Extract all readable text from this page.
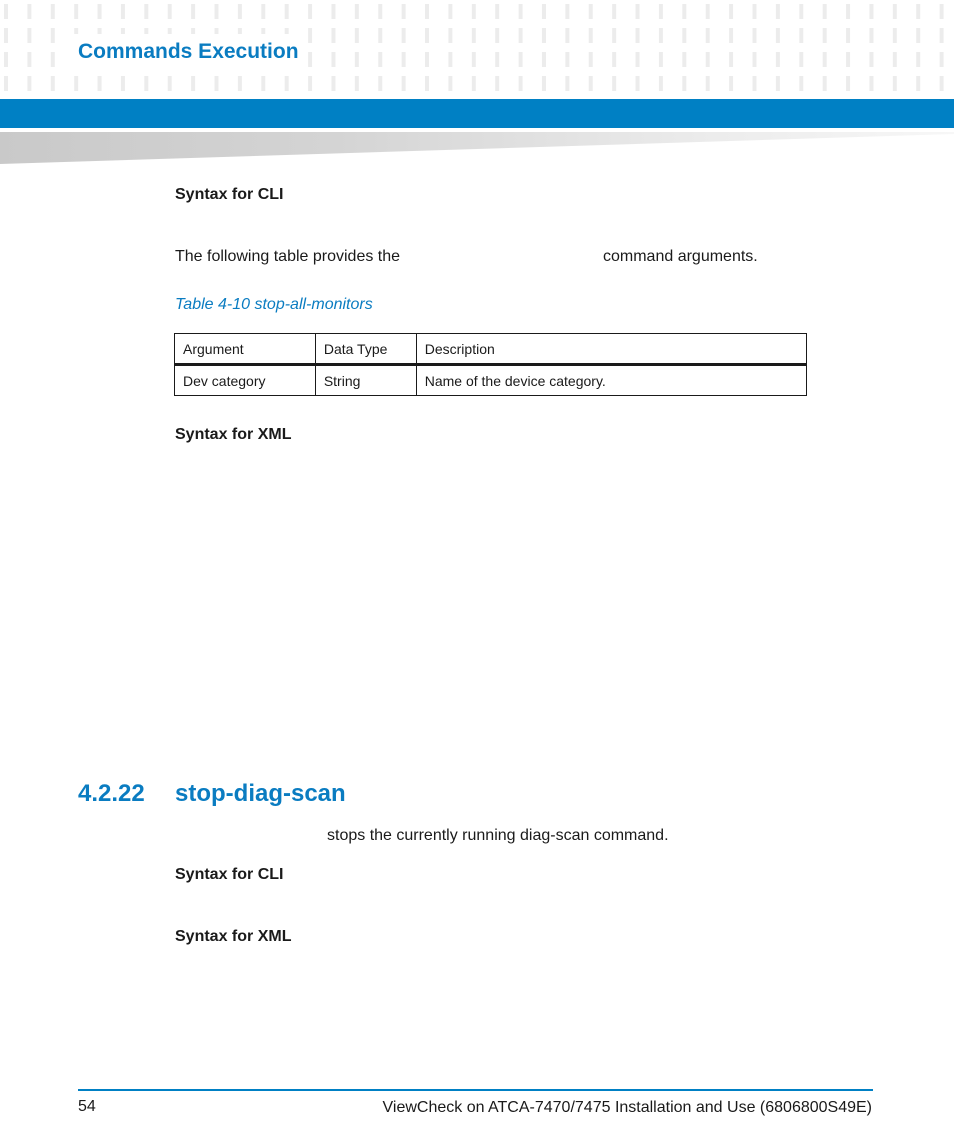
Commands Execution
Syntax for CLI
The following table provides the	command arguments.
Table 4-10 stop-all-monitors
Argument	Data Type	Description
Dev category	String	Name of the device category.
Syntax for XML
4.2.22 stop-diag-scan
stops the currently running diag-scan command.
Syntax for CLI
Syntax for XML
54	ViewCheck on ATCA-7470/7475 Installation and Use (6806800S49E)
